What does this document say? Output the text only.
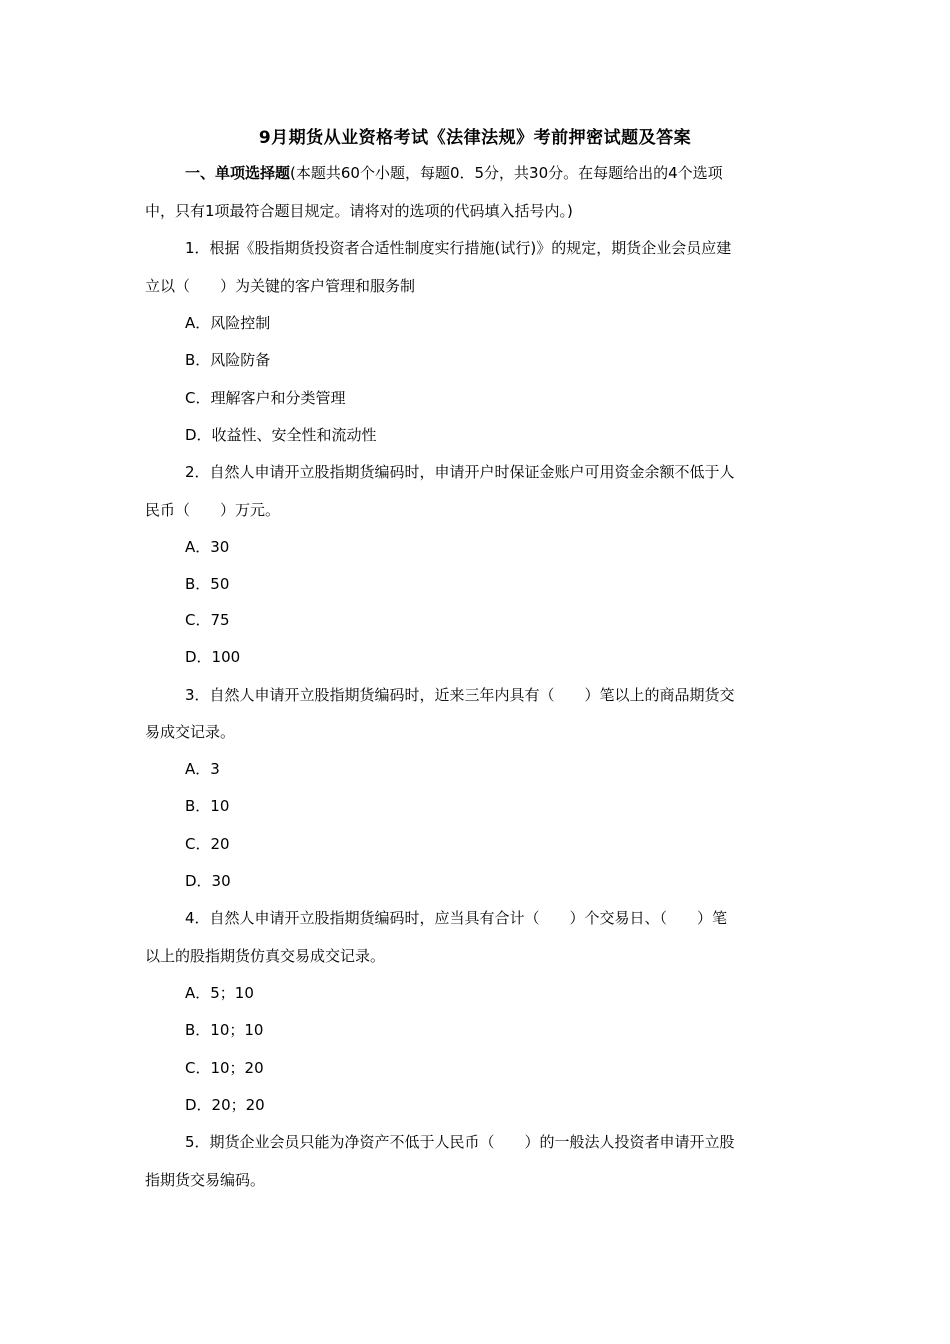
9月期货从业资格考试《法律法规》考前押密试题及答案
一、单项选择题(本题共60个小题，每题0．5分，共30分。在每题给出的4个选项
中，只有1项最符合题目规定。请将对的选项的代码填入括号内。)
1．根据《股指期货投资者合适性制度实行措施(试行)》的规定，期货企业会员应建
立以（　　）为关键的客户管理和服务制
A．风险控制
B．风险防备
C．理解客户和分类管理
D．收益性、安全性和流动性
2．自然人申请开立股指期货编码时，申请开户时保证金账户可用资金余额不低于人
民币（　　）万元。
A．30
B．50
C．75
D．100
3．自然人申请开立股指期货编码时，近来三年内具有（　　）笔以上的商品期货交
易成交记录。
A．3
B．10
C．20
D．30
4．自然人申请开立股指期货编码时，应当具有合计（　　）个交易日、（　　）笔
以上的股指期货仿真交易成交记录。
A．5；10
B．10；10
C．10；20
D．20；20
5．期货企业会员只能为净资产不低于人民币（　　）的一般法人投资者申请开立股
指期货交易编码。
